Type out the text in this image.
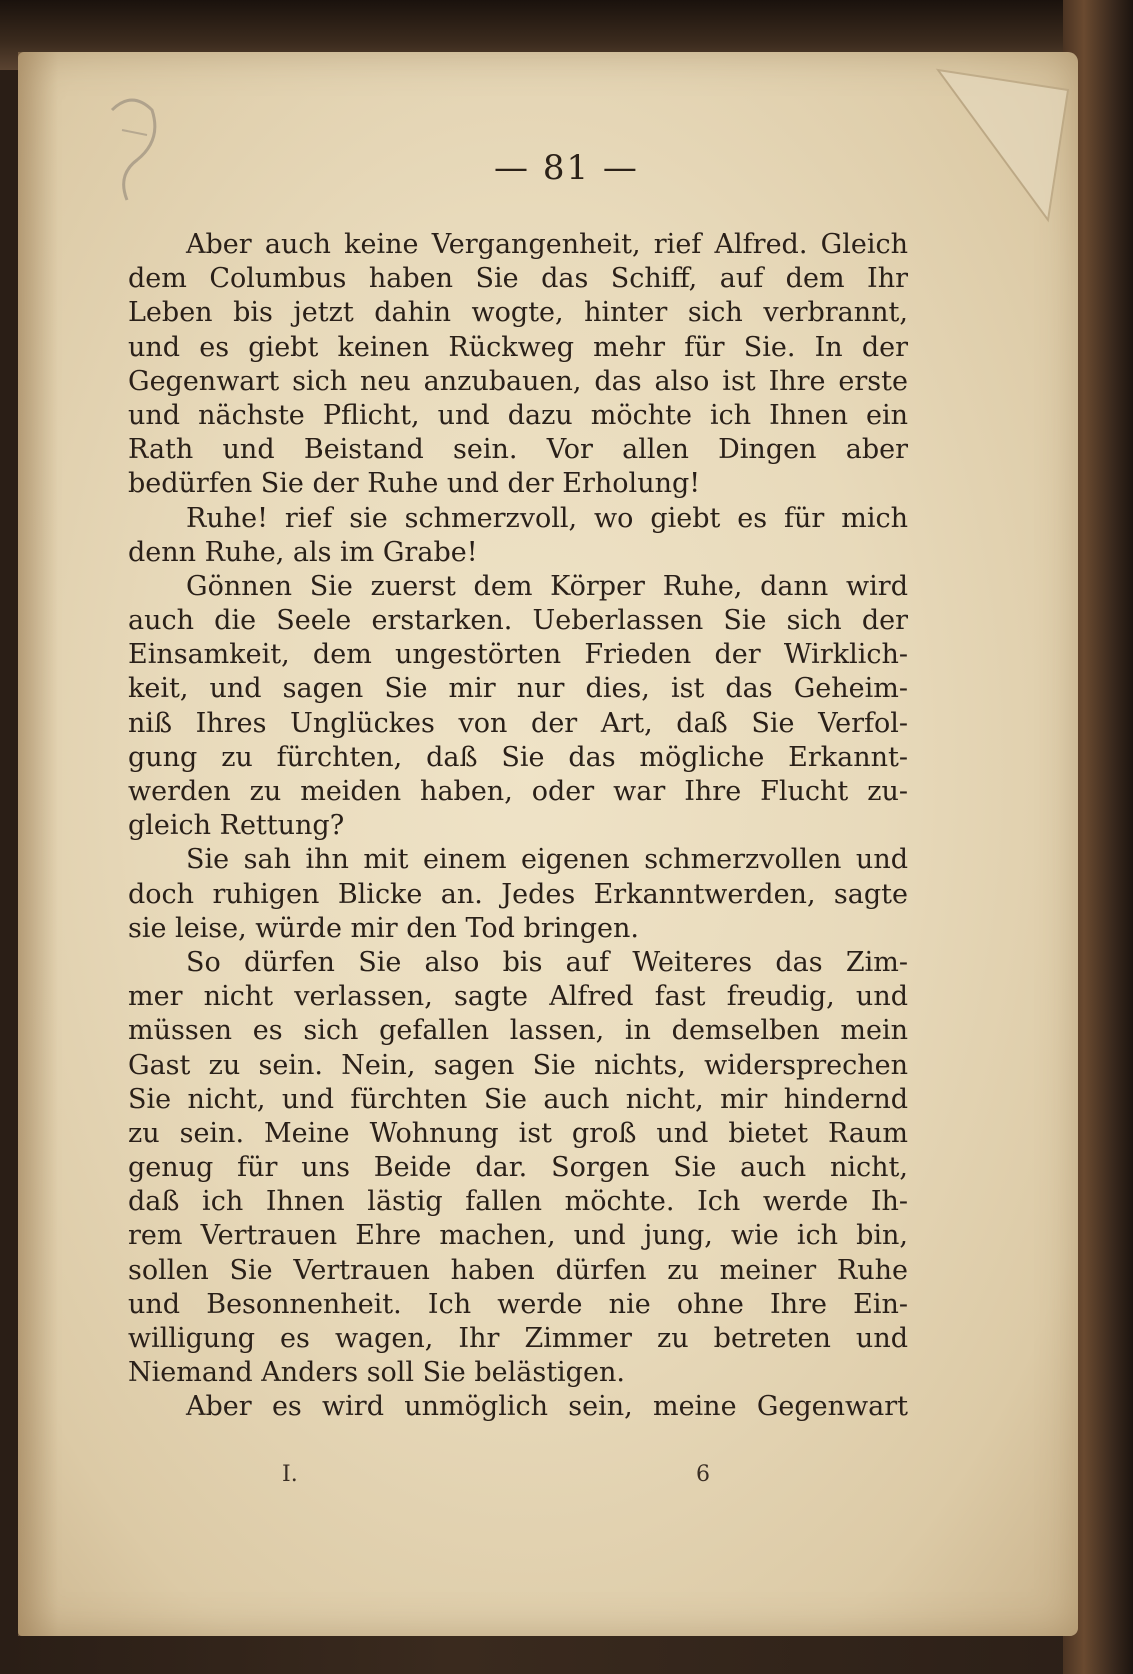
— 81 —
Aber auch keine Vergangenheit, rief Alfred. Gleich
dem Columbus haben Sie das Schiff, auf dem Ihr
Leben bis jetzt dahin wogte, hinter sich verbrannt,
und es giebt keinen Rückweg mehr für Sie. In der
Gegenwart sich neu anzubauen, das also ist Ihre erste
und nächste Pflicht, und dazu möchte ich Ihnen ein
Rath und Beistand sein. Vor allen Dingen aber
bedürfen Sie der Ruhe und der Erholung!
Ruhe! rief sie schmerzvoll, wo giebt es für mich
denn Ruhe, als im Grabe!
Gönnen Sie zuerst dem Körper Ruhe, dann wird
auch die Seele erstarken. Ueberlassen Sie sich der
Einsamkeit, dem ungestörten Frieden der Wirklich-
keit, und sagen Sie mir nur dies, ist das Geheim-
niß Ihres Unglückes von der Art, daß Sie Verfol-
gung zu fürchten, daß Sie das mögliche Erkannt-
werden zu meiden haben, oder war Ihre Flucht zu-
gleich Rettung?
Sie sah ihn mit einem eigenen schmerzvollen und
doch ruhigen Blicke an. Jedes Erkanntwerden, sagte
sie leise, würde mir den Tod bringen.
So dürfen Sie also bis auf Weiteres das Zim-
mer nicht verlassen, sagte Alfred fast freudig, und
müssen es sich gefallen lassen, in demselben mein
Gast zu sein. Nein, sagen Sie nichts, widersprechen
Sie nicht, und fürchten Sie auch nicht, mir hindernd
zu sein. Meine Wohnung ist groß und bietet Raum
genug für uns Beide dar. Sorgen Sie auch nicht,
daß ich Ihnen lästig fallen möchte. Ich werde Ih-
rem Vertrauen Ehre machen, und jung, wie ich bin,
sollen Sie Vertrauen haben dürfen zu meiner Ruhe
und Besonnenheit. Ich werde nie ohne Ihre Ein-
willigung es wagen, Ihr Zimmer zu betreten und
Niemand Anders soll Sie belästigen.
Aber es wird unmöglich sein, meine Gegenwart
I.	6
